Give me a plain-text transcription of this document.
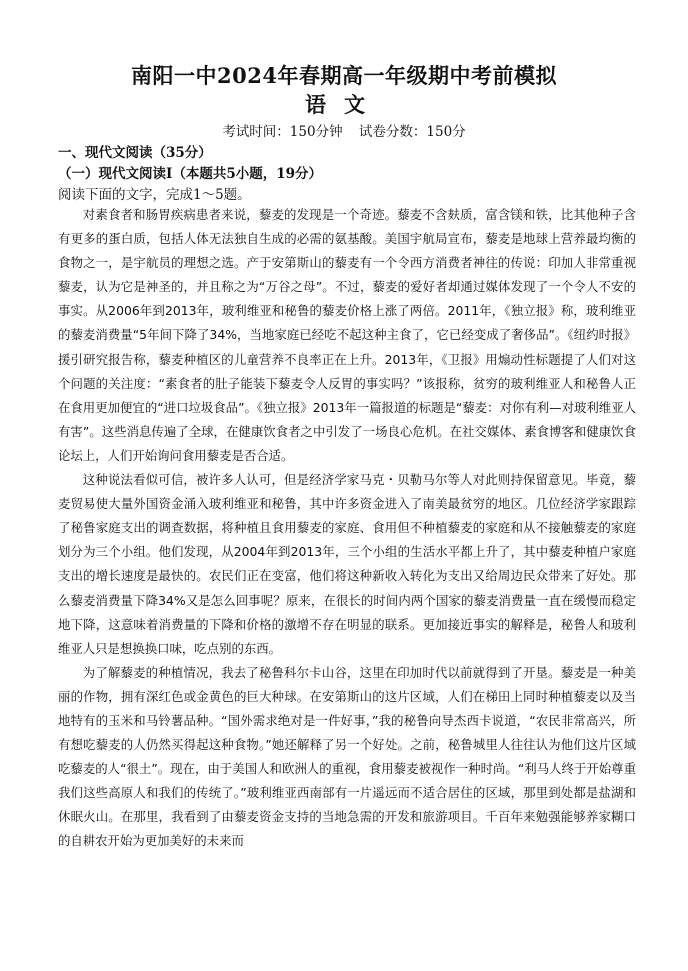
南阳一中2024年春期高一年级期中考前模拟
语文
考试时间：150分钟 试卷分数：150分
一、现代文阅读（35分）
（一）现代文阅读Ⅰ（本题共5小题，19分）
阅读下面的文字，完成1～5题。

对素食者和肠胃疾病患者来说，藜麦的发现是一个奇迹。藜麦不含麸质，富含镁和铁，比其他种子含有更多的蛋白质，包括人体无法独自生成的必需的氨基酸。美国宇航局宣布，藜麦是地球上营养最均衡的食物之一，是宇航员的理想之选。产于安第斯山的藜麦有一个令西方消费者神往的传说：印加人非常重视藜麦，认为它是神圣的，并且称之为“万谷之母”。不过，藜麦的爱好者却通过媒体发现了一个令人不安的事实。从2006年到2013年，玻利维亚和秘鲁的藜麦价格上涨了两倍。2011年，《独立报》称，玻利维亚的藜麦消费量“5年间下降了34%，当地家庭已经吃不起这种主食了，它已经变成了奢侈品”。《纽约时报》援引研究报告称，藜麦种植区的儿童营养不良率正在上升。2013年，《卫报》用煽动性标题提了人们对这个问题的关注度：“素食者的肚子能装下藜麦令人反胃的事实吗？”该报称，贫穷的玻利维亚人和秘鲁人正在食用更加便宜的“进口垃圾食品”。《独立报》2013年一篇报道的标题是“藜麦：对你有利—对玻利维亚人有害”。这些消息传遍了全球，在健康饮食者之中引发了一场良心危机。在社交媒体、素食博客和健康饮食论坛上，人们开始询问食用藜麦是否合适。

这种说法看似可信，被许多人认可，但是经济学家马克・贝勒马尔等人对此则持保留意见。毕竟，藜麦贸易使大量外国资金涌入玻利维亚和秘鲁，其中许多资金进入了南美最贫穷的地区。几位经济学家跟踪了秘鲁家庭支出的调查数据，将种植且食用藜麦的家庭、食用但不种植藜麦的家庭和从不接触藜麦的家庭划分为三个小组。他们发现，从2004年到2013年，三个小组的生活水平都上升了，其中藜麦种植户家庭支出的增长速度是最快的。农民们正在变富，他们将这种新收入转化为支出又给周边民众带来了好处。那么藜麦消费量下降34%又是怎么回事呢？原来，在很长的时间内两个国家的藜麦消费量一直在缓慢而稳定地下降，这意味着消费量的下降和价格的激增不存在明显的联系。更加接近事实的解释是，秘鲁人和玻利维亚人只是想换换口味，吃点别的东西。

为了解藜麦的种植情况，我去了秘鲁科尔卡山谷，这里在印加时代以前就得到了开垦。藜麦是一种美丽的作物，拥有深红色或金黄色的巨大种球。在安第斯山的这片区域，人们在梯田上同时种植藜麦以及当地特有的玉米和马铃薯品种。“国外需求绝对是一件好事，”我的秘鲁向导杰西卡说道，“农民非常高兴，所有想吃藜麦的人仍然买得起这种食物。”她还解释了另一个好处。之前，秘鲁城里人往往认为他们这片区域吃藜麦的人“很土”。现在，由于美国人和欧洲人的重视，食用藜麦被视作一种时尚。“利马人终于开始尊重我们这些高原人和我们的传统了。”玻利维亚西南部有一片遥远而不适合居住的区域，那里到处都是盐湖和休眠火山。在那里，我看到了由藜麦资金支持的当地急需的开发和旅游项目。千百年来勉强能够养家糊口的自耕农开始为更加美好的未来而
